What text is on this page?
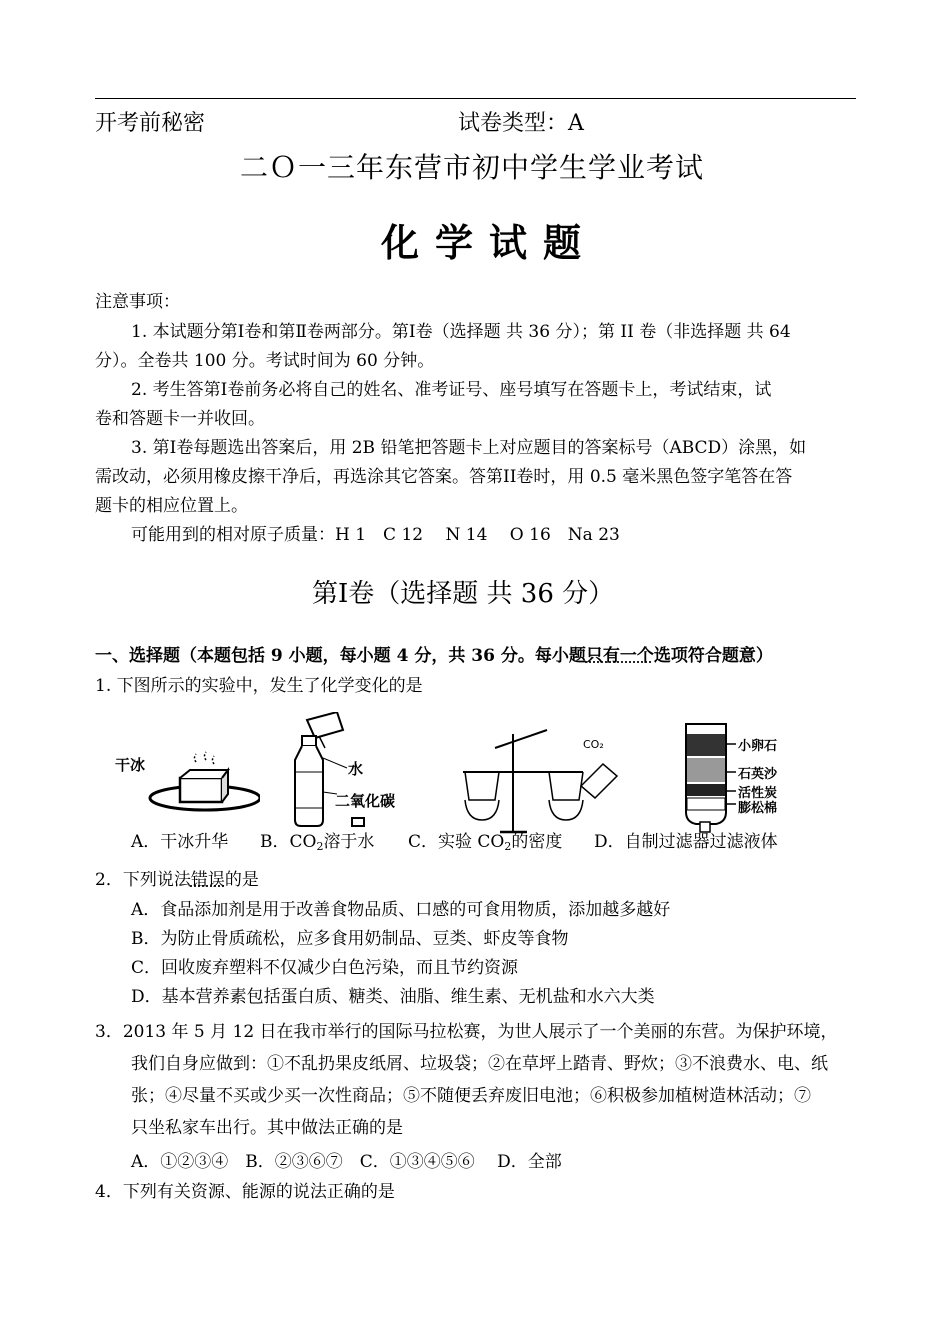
开考前秘密	试卷类型：A
二Ｏ一三年东营市初中学生学业考试
化学试题
注意事项：
1. 本试题分第Ⅰ卷和第Ⅱ卷两部分。第I卷（选择题 共 36 分）；第 II 卷（非选择题 共 64
分）。全卷共 100 分。考试时间为 60 分钟。
2. 考生答第Ⅰ卷前务必将自己的姓名、准考证号、座号填写在答题卡上，考试结束，试
卷和答题卡一并收回。
3. 第I卷每题选出答案后，用 2B 铅笔把答题卡上对应题目的答案标号（ABCD）涂黑，如
需改动，必须用橡皮擦干净后，再选涂其它答案。答第II卷时，用 0.5 毫米黑色签字笔答在答
题卡的相应位置上。
可能用到的相对原子质量：H 1　C 12　 N 14　 O 16　Na 23
第I卷（选择题 共 36 分）
一、选择题（本题包括 9 小题，每小题 4 分，共 36 分。每小题只有一个选项符合题意）
1. 下图所示的实验中，发生了化学变化的是
干冰	水
二氧化碳
CO₂	小卵石
石英沙
活性炭
膨松棉
A．干冰升华 B．$CO_2$溶于水 C．实验 $CO_2$的密度 D．自制过滤器过滤液体
2．下列说法错误的是
A．食品添加剂是用于改善食物品质、口感的可食用物质，添加越多越好
B．为防止骨质疏松，应多食用奶制品、豆类、虾皮等食物
C．回收废弃塑料不仅减少白色污染，而且节约资源
D．基本营养素包括蛋白质、糖类、油脂、维生素、无机盐和水六大类
3．2013 年 5 月 12 日在我市举行的国际马拉松赛，为世人展示了一个美丽的东营。为保护环境，
我们自身应做到：①不乱扔果皮纸屑、垃圾袋；②在草坪上踏青、野炊；③不浪费水、电、纸
张；④尽量不买或少买一次性商品；⑤不随便丢弃废旧电池；⑥积极参加植树造林活动；⑦
只坐私家车出行。其中做法正确的是
A．①②③④　B．②③⑥⑦　C．①③④⑤⑥　 D．全部
4．下列有关资源、能源的说法正确的是
